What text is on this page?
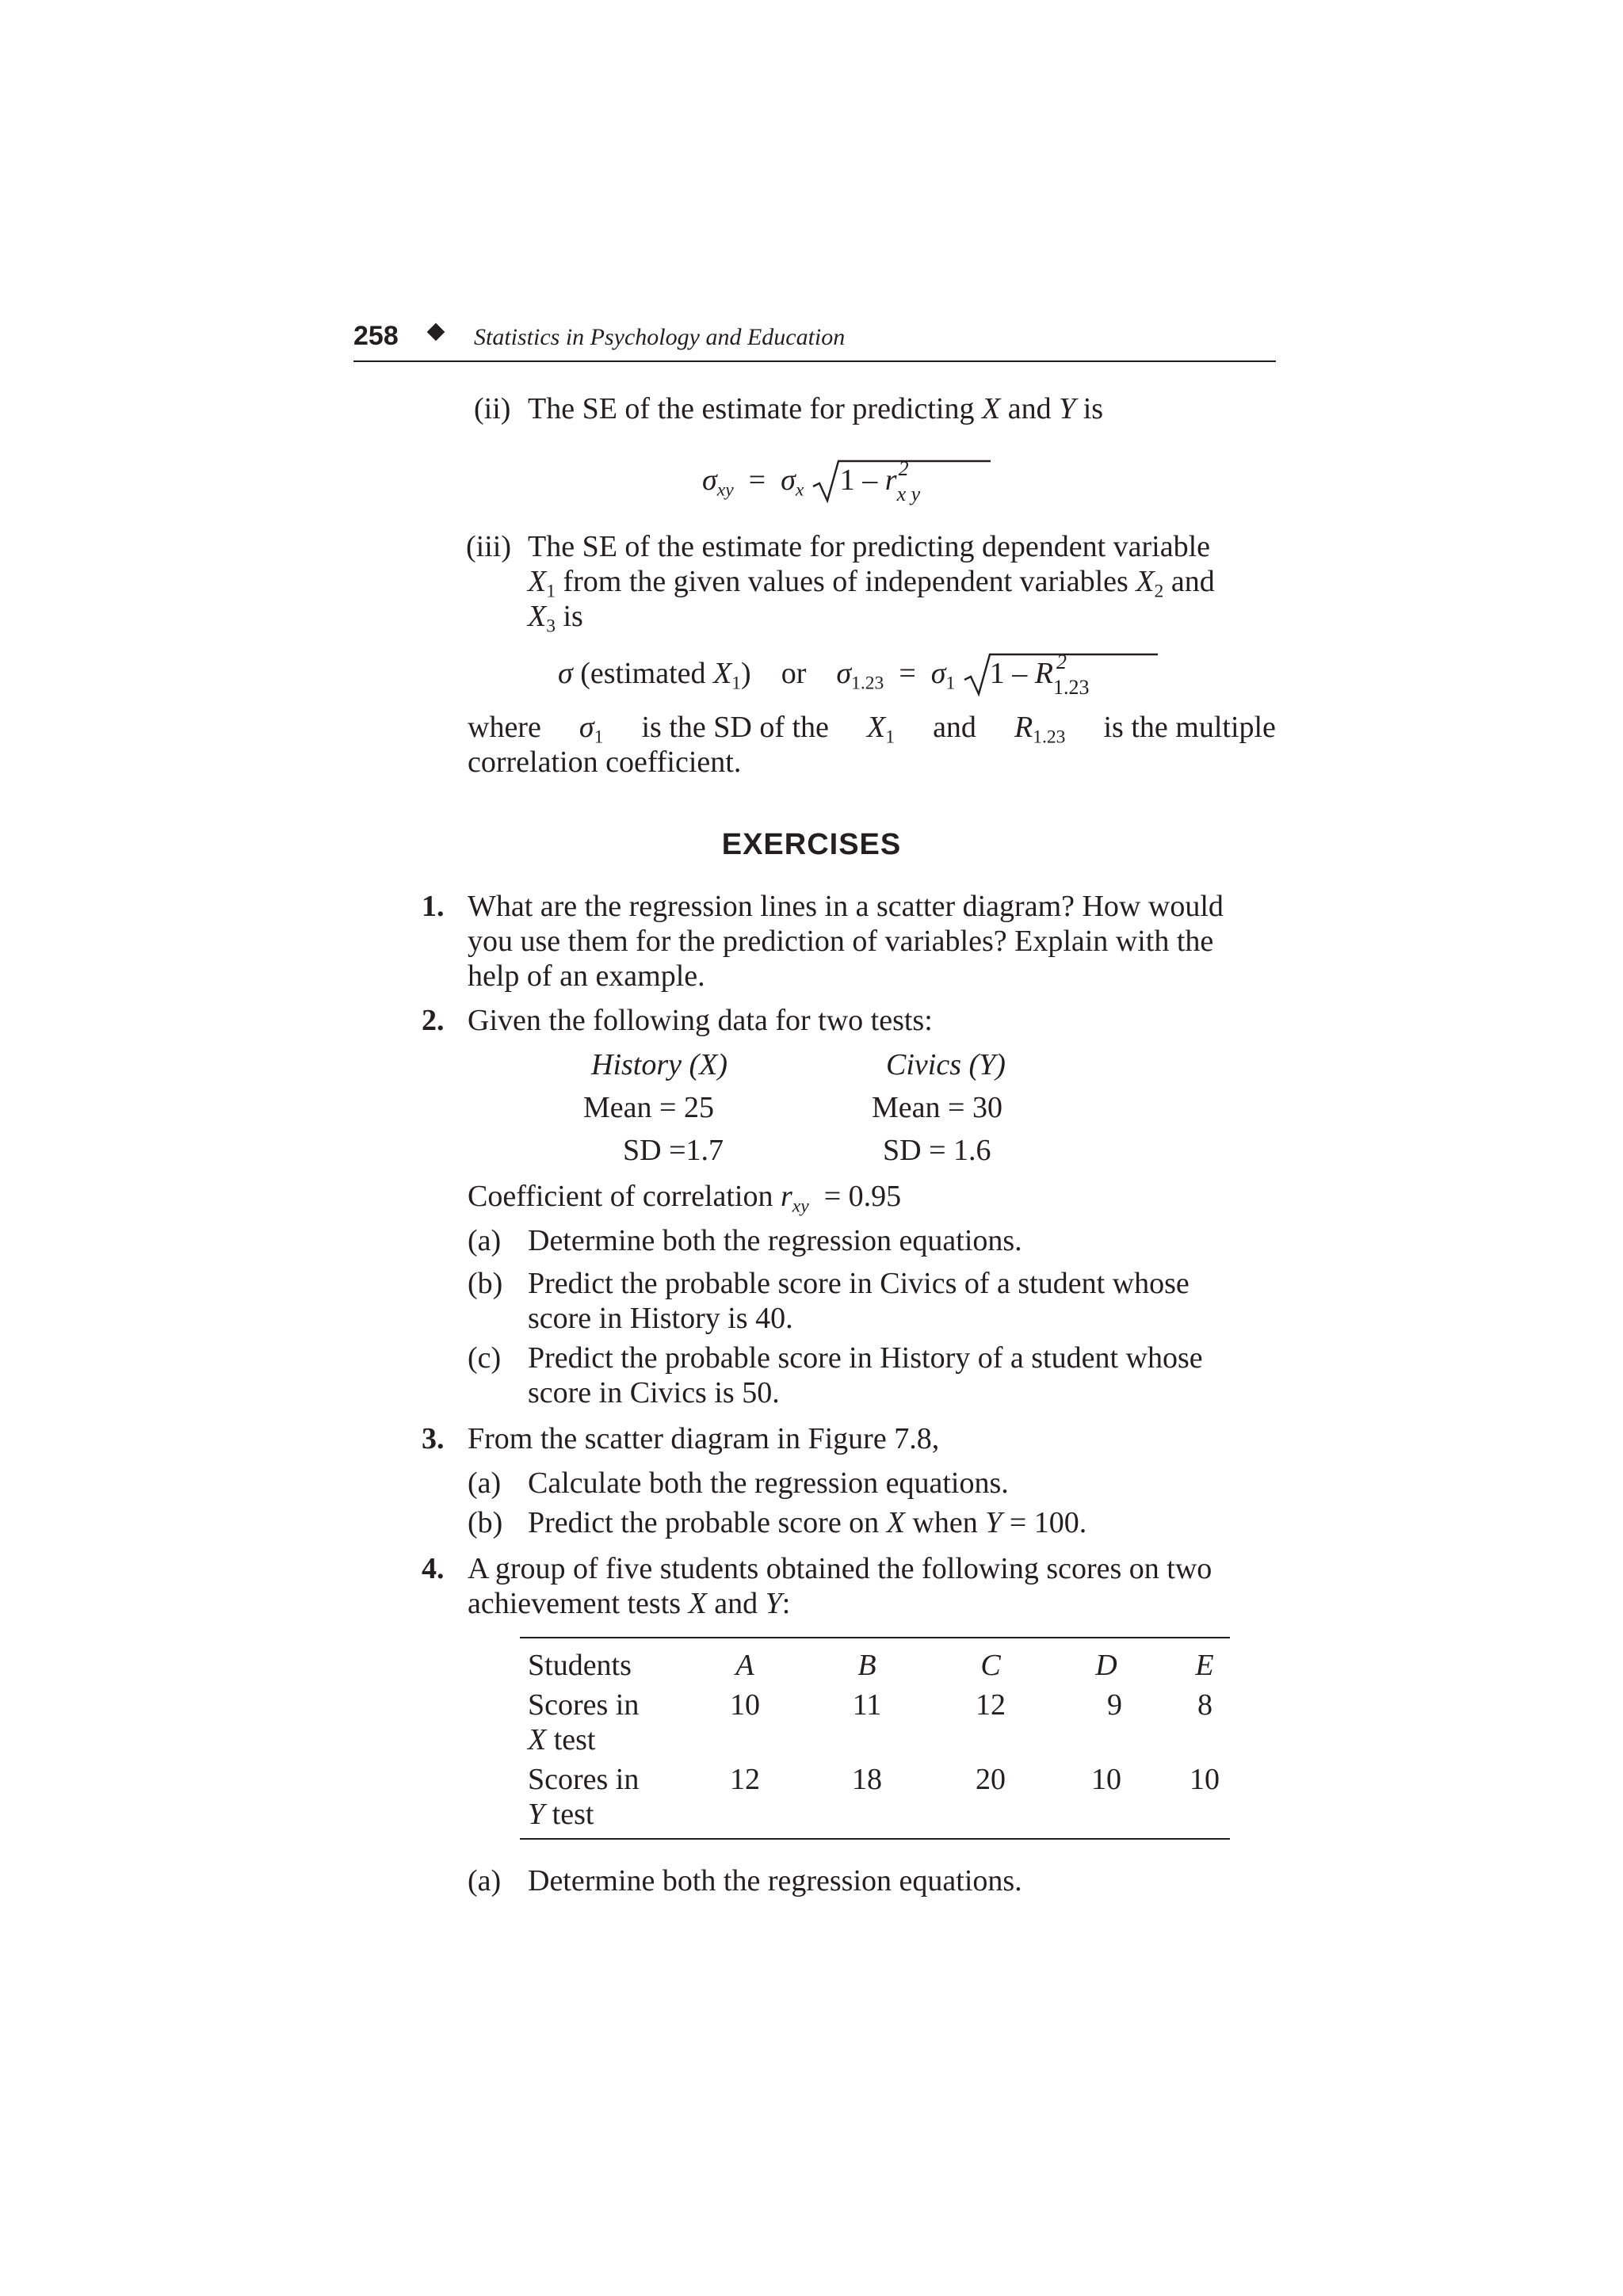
258	Statistics in Psychology and Education
(ii) The SE of the estimate for predicting X and Y is
$\sigma_{xy} = \sigma_x$ 1 – r 2
x y
(iii) The SE of the estimate for predicting dependent variable
$X_1$ from the given values of independent variables $X_2$ and
$X_3$ is
σ (estimated $X_1$) or $\sigma_{1.23} = \sigma_1$ 1 – R 2
1.23
where $\sigma_1$ is the SD of the $X_1$ and $R_{1.23}$ is the multiple
correlation coefficient.
EXERCISES
1. What are the regression lines in a scatter diagram? How would
you use them for the prediction of variables? Explain with the
help of an example.
2. Given the following data for two tests:
History (X)	Civics (Y)
Mean = 25	Mean = 30
SD =1.7	SD = 1.6
Coefficient of correlation $r_{xy} = 0.95$
(a) Determine both the regression equations.
(b) Predict the probable score in Civics of a student whose
score in History is 40.
(c) Predict the probable score in History of a student whose
score in Civics is 50.
3. From the scatter diagram in Figure 7.8,
(a) Calculate both the regression equations.
(b) Predict the probable score on X when Y = 100.
4. A group of five students obtained the following scores on two
achievement tests X and Y:
Students	A	B	C	D	E
Scores in
X test
10	11	12	9	8
Scores in
Y test
12	18	20	10	10
(a) Determine both the regression equations.
